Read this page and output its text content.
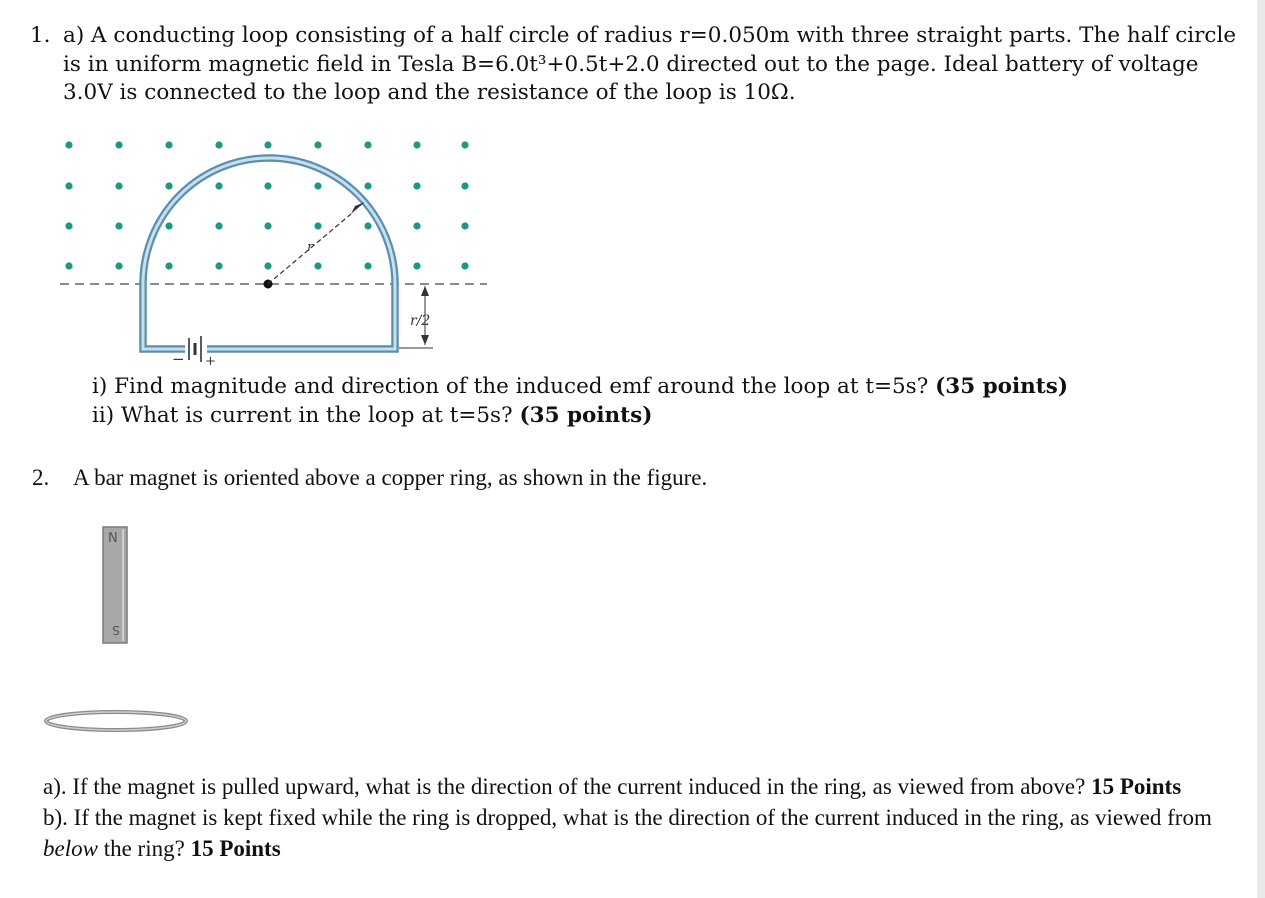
1. a) A conducting loop consisting of a half circle of radius r=0.050m with three straight parts. The half circle is in uniform magnetic field in Tesla B=6.0t³+0.5t+2.0 directed out to the page. Ideal battery of voltage 3.0V is connected to the loop and the resistance of the loop is 10Ω.
− +
r
r/2
i) Find magnitude and direction of the induced emf around the loop at t=5s? (35 points)
ii) What is current in the loop at t=5s? (35 points)
2. A bar magnet is oriented above a copper ring, as shown in the figure.
N
S

a). If the magnet is pulled upward, what is the direction of the current induced in the ring, as viewed from above? 15 Points

b). If the magnet is kept fixed while the ring is dropped, what is the direction of the current induced in the ring, as viewed from below the ring? 15 Points
